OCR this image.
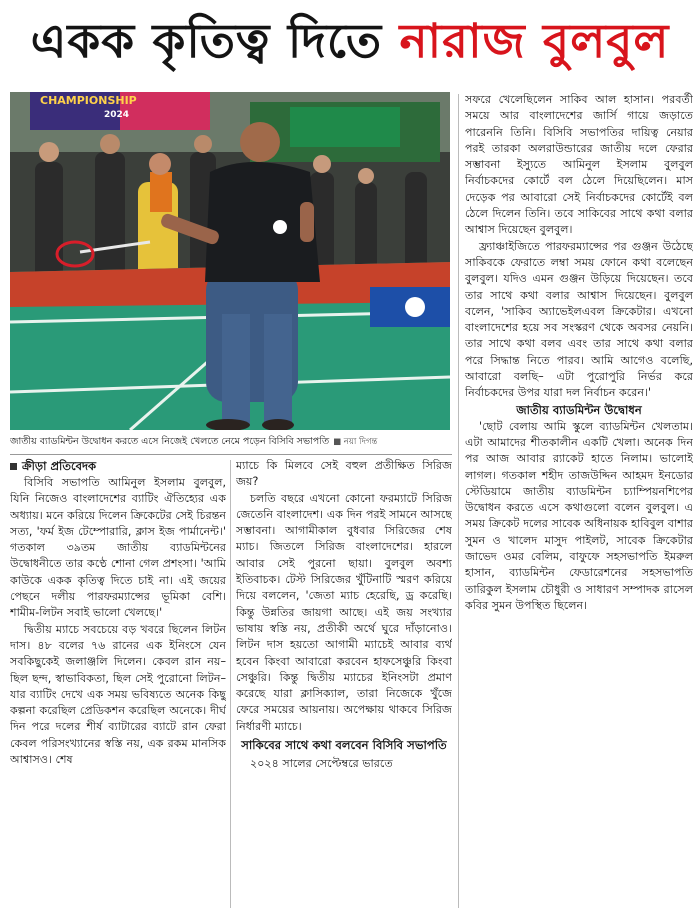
একক কৃতিত্ব দিতে নারাজ বুলবুল
CHAMPIONSHIP
2024
জাতীয় ব্যাডমিন্টন উদ্বোধন করতে এসে নিজেই খেলতে নেমে পড়েন বিসিবি সভাপতি ■ নয়া দিগন্ত
ক্রীড়া প্রতিবেদক

বিসিবি সভাপতি আমিনুল ইসলাম বুলবুল, যিনি নিজেও বাংলাদেশের ব্যাটিং ঐতিহ্যের এক অধ্যায়। মনে করিয়ে দিলেন ক্রিকেটের সেই চিরন্তন সত্য, 'ফর্ম ইজ টেম্পোরারি, ক্লাস ইজ পার্মানেন্ট।' গতকাল ৩৯তম জাতীয় ব্যাডমিন্টনের উদ্বোধনীতে তার কণ্ঠে শোনা গেল প্রশংসা। 'আমি কাউকে একক কৃতিত্ব দিতে চাই না। এই জয়ের পেছনে দলীয় পারফরম্যান্সের ভূমিকা বেশি। শামীম-লিটন সবাই ভালো খেলছে।'

দ্বিতীয় ম্যাচে সবচেয়ে বড় খবরে ছিলেন লিটন দাস। ৪৮ বলের ৭৬ রানের এক ইনিংসে যেন সবকিছুকেই জলাঞ্জলি দিলেন। কেবল রান নয়– ছিল ছন্দ, স্বাভাবিকতা, ছিল সেই পুরোনো লিটন– যার ব্যাটিং দেখে এক সময় ভবিষ্যতে অনেক কিছু কল্পনা করেছিল প্রেডিকশন করেছিল অনেকে। দীর্ঘ দিন পরে দলের শীর্ষ ব্যাটারের ব্যাটে রান ফেরা কেবল পরিসংখ্যানের স্বস্তি নয়, এক রকম মানসিক আশ্বাসও। শেষ

ম্যাচে কি মিলবে সেই বহুল প্রতীক্ষিত সিরিজ জয়?

চলতি বছরে এখনো কোনো ফরম্যাটে সিরিজ জেতেনি বাংলাদেশ। এক দিন পরই সামনে আসছে সম্ভাবনা। আগামীকাল বুধবার সিরিজের শেষ ম্যাচ। জিতলে সিরিজ বাংলাদেশের। হারলে আবার সেই পুরনো ছায়া। বুলবুল অবশ্য ইতিবাচক। টেস্ট সিরিজের খুঁটিনাটি স্মরণ করিয়ে দিয়ে বললেন, 'জেতা ম্যাচ হেরেছি, ড্র করেছি। কিন্তু উন্নতির জায়গা আছে। এই জয় সংখ্যার ভাষায় স্বস্তি নয়, প্রতীকী অর্থে ঘুরে দাঁড়ানোও। লিটন দাস হয়তো আগামী ম্যাচেই আবার ব্যর্থ হবেন কিংবা আবারো করবেন হাফসেঞ্চুরি কিংবা সেঞ্চুরি। কিন্তু দ্বিতীয় ম্যাচের ইনিংসটা প্রমাণ করেছে যারা ক্লাসিক্যাল, তারা নিজেকে খুঁজে ফেরে সময়ের আয়নায়। অপেক্ষায় থাকবে সিরিজ নির্ধারণী ম্যাচে।

সাকিবের সাথে কথা বলবেন বিসিবি সভাপতি

২০২৪ সালের সেপ্টেম্বরে ভারতে

সফরে খেলেছিলেন সাকিব আল হাসান। পরবর্তী সময়ে আর বাংলাদেশের জার্সি গায়ে জড়াতে পারেননি তিনি। বিসিবি সভাপতির দায়িত্ব নেয়ার পরই তারকা অলরাউন্ডারের জাতীয় দলে ফেরার সম্ভাবনা ইস্যুতে আমিনুল ইসলাম বুলবুল নির্বাচকদের কোর্টে বল ঠেলে দিয়েছিলেন। মাস দেড়েক পর আবারো সেই নির্বাচকদের কোর্টেই বল ঠেলে দিলেন তিনি। তবে সাকিবের সাথে কথা বলার আশ্বাস দিয়েছেন বুলবুল।

ফ্র্যাঞ্চাইজিতে পারফরম্যান্সের পর গুঞ্জন উঠেছে সাকিবকে ফেরাতে লম্বা সময় ফোনে কথা বলেছেন বুলবুল। যদিও এমন গুঞ্জন উড়িয়ে দিয়েছেন। তবে তার সাথে কথা বলার আশ্বাস দিয়েছেন। বুলবুল বলেন, 'সাকিব অ্যাভেইলএবল ক্রিকেটার। এখনো বাংলাদেশের হয়ে সব সংস্করণ থেকে অবসর নেয়নি। তার সাথে কথা বলব এবং তার সাথে কথা বলার পরে সিদ্ধান্ত নিতে পারব। আমি আগেও বলেছি, আবারো বলছি– এটা পুরোপুরি নির্ভর করে নির্বাচকদের উপর যারা দল নির্বাচন করেন।'

জাতীয় ব্যাডমিন্টন উদ্বোধন

'ছোট বেলায় আমি স্কুলে ব্যাডমিন্টন খেলতাম। এটা আমাদের শীতকালীন একটি খেলা। অনেক দিন পর আজ আবার র‌্যাকেট হাতে নিলাম। ভালোই লাগল। গতকাল শহীদ তাজউদ্দিন আহমদ ইনডোর স্টেডিয়ামে জাতীয় ব্যাডমিন্টন চ্যাম্পিয়নশিপের উদ্বোধন করতে এসে কথাগুলো বলেন বুলবুল। এ সময় ক্রিকেট দলের সাবেক অধিনায়ক হাবিবুল বাশার সুমন ও খালেদ মাসুদ পাইলট, সাবেক ক্রিকেটার জাভেদ ওমর বেলিম, বাফুফে সহসভাপতি ইমরুল হাসান, ব্যাডমিন্টন ফেডারেশনের সহসভাপতি তারিকুল ইসলাম চৌধুরী ও সাধারণ সম্পাদক রাসেল কবির সুমন উপস্থিত ছিলেন।
